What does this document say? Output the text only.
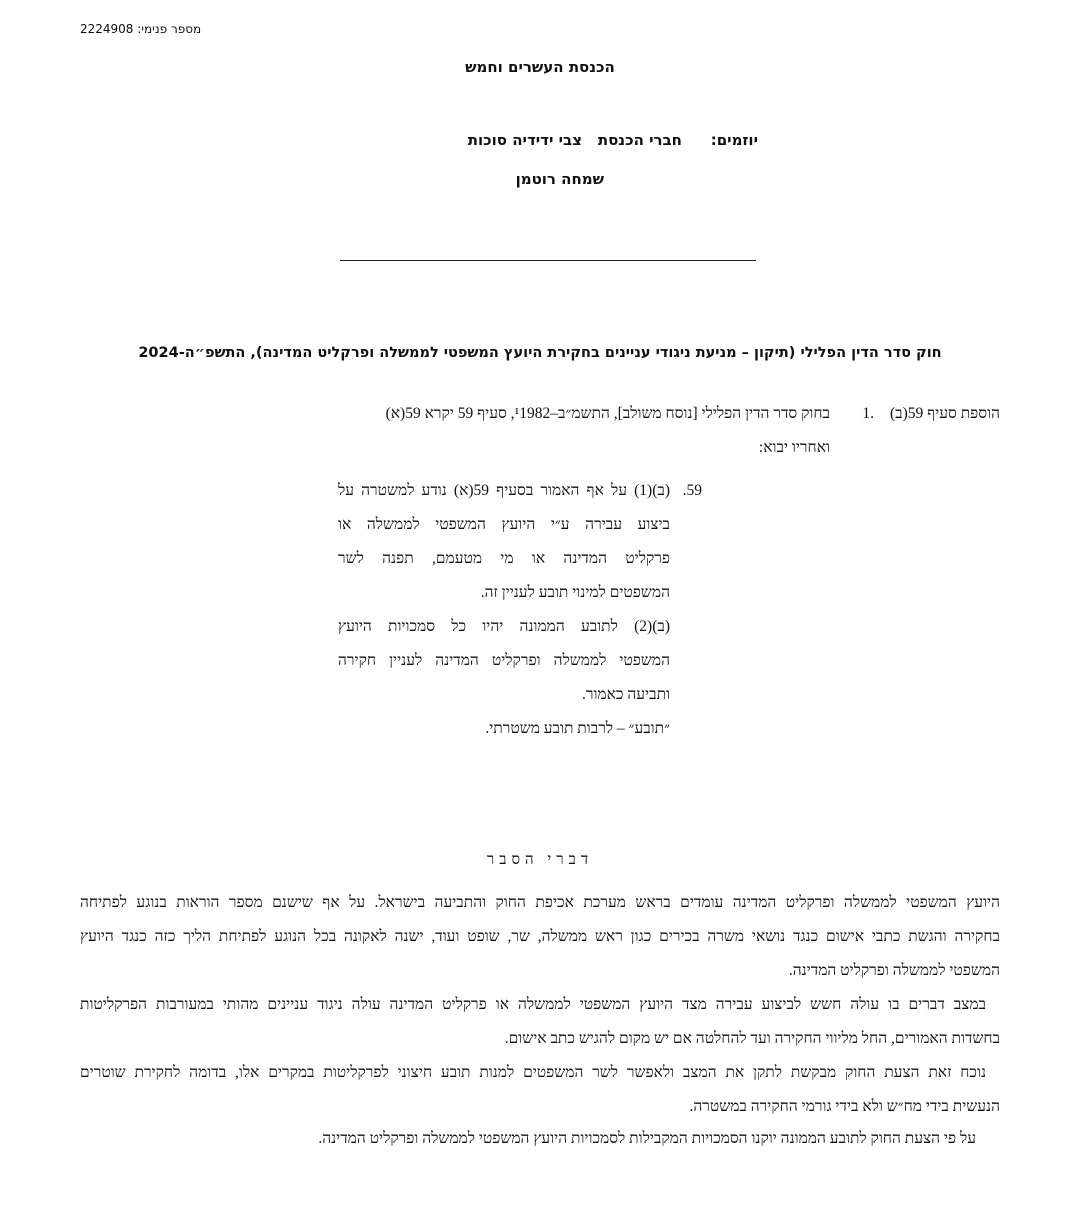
מספר פנימי: 2224908
הכנסת העשרים וחמש
יוזמים:
חברי הכנסת
צבי ידידיה סוכות
שמחה רוטמן
חוק סדר הדין הפלילי (תיקון – מניעת ניגודי עניינים בחקירת היועץ המשפטי לממשלה ופרקליט המדינה), התשפ״ה-2024
הוספת סעיף 59(ב)
.1
בחוק סדר הדין הפלילי [נוסח משולב], התשמ״ב–¹1982, סעיף 59 יקרא 59(א)
ואחריו יבוא:
59.
(ב)(1) על אף האמור בסעיף 59(א) נודע למשטרה על
ביצוע עבירה ע״י היועץ המשפטי לממשלה או
פרקליט המדינה או מי מטעמם, תפנה לשר
המשפטים למינוי תובע לעניין זה.
(ב)(2) לתובע הממונה יהיו כל סמכויות היועץ
המשפטי לממשלה ופרקליט המדינה לעניין חקירה
ותביעה כאמור.
״תובע״ – לרבות תובע משטרתי.
דברי הסבר
היועץ המשפטי לממשלה ופרקליט המדינה עומדים בראש מערכת אכיפת החוק והתביעה בישראל. על אף שישנם מספר הוראות בנוגע לפתיחה
בחקירה והגשת כתבי אישום כנגד נושאי משרה בכירים כגון ראש ממשלה, שר, שופט ועוד, ישנה לאקונה בכל הנוגע לפתיחת הליך כזה כנגד היועץ
המשפטי לממשלה ופרקליט המדינה.
במצב דברים בו עולה חשש לביצוע עבירה מצד היועץ המשפטי לממשלה או פרקליט המדינה עולה ניגוד עניינים מהותי במעורבות הפרקליטות
בחשדות האמורים, החל מליווי החקירה ועד להחלטה אם יש מקום להגיש כתב אישום.
נוכח זאת הצעת החוק מבקשת לתקן את המצב ולאפשר לשר המשפטים למנות תובע חיצוני לפרקליטות במקרים אלו, בדומה לחקירת שוטרים
הנעשית בידי מח״ש ולא בידי גורמי החקירה במשטרה.
על פי הצעת החוק לתובע הממונה יוקנו הסמכויות המקבילות לסמכויות היועץ המשפטי לממשלה ופרקליט המדינה.
